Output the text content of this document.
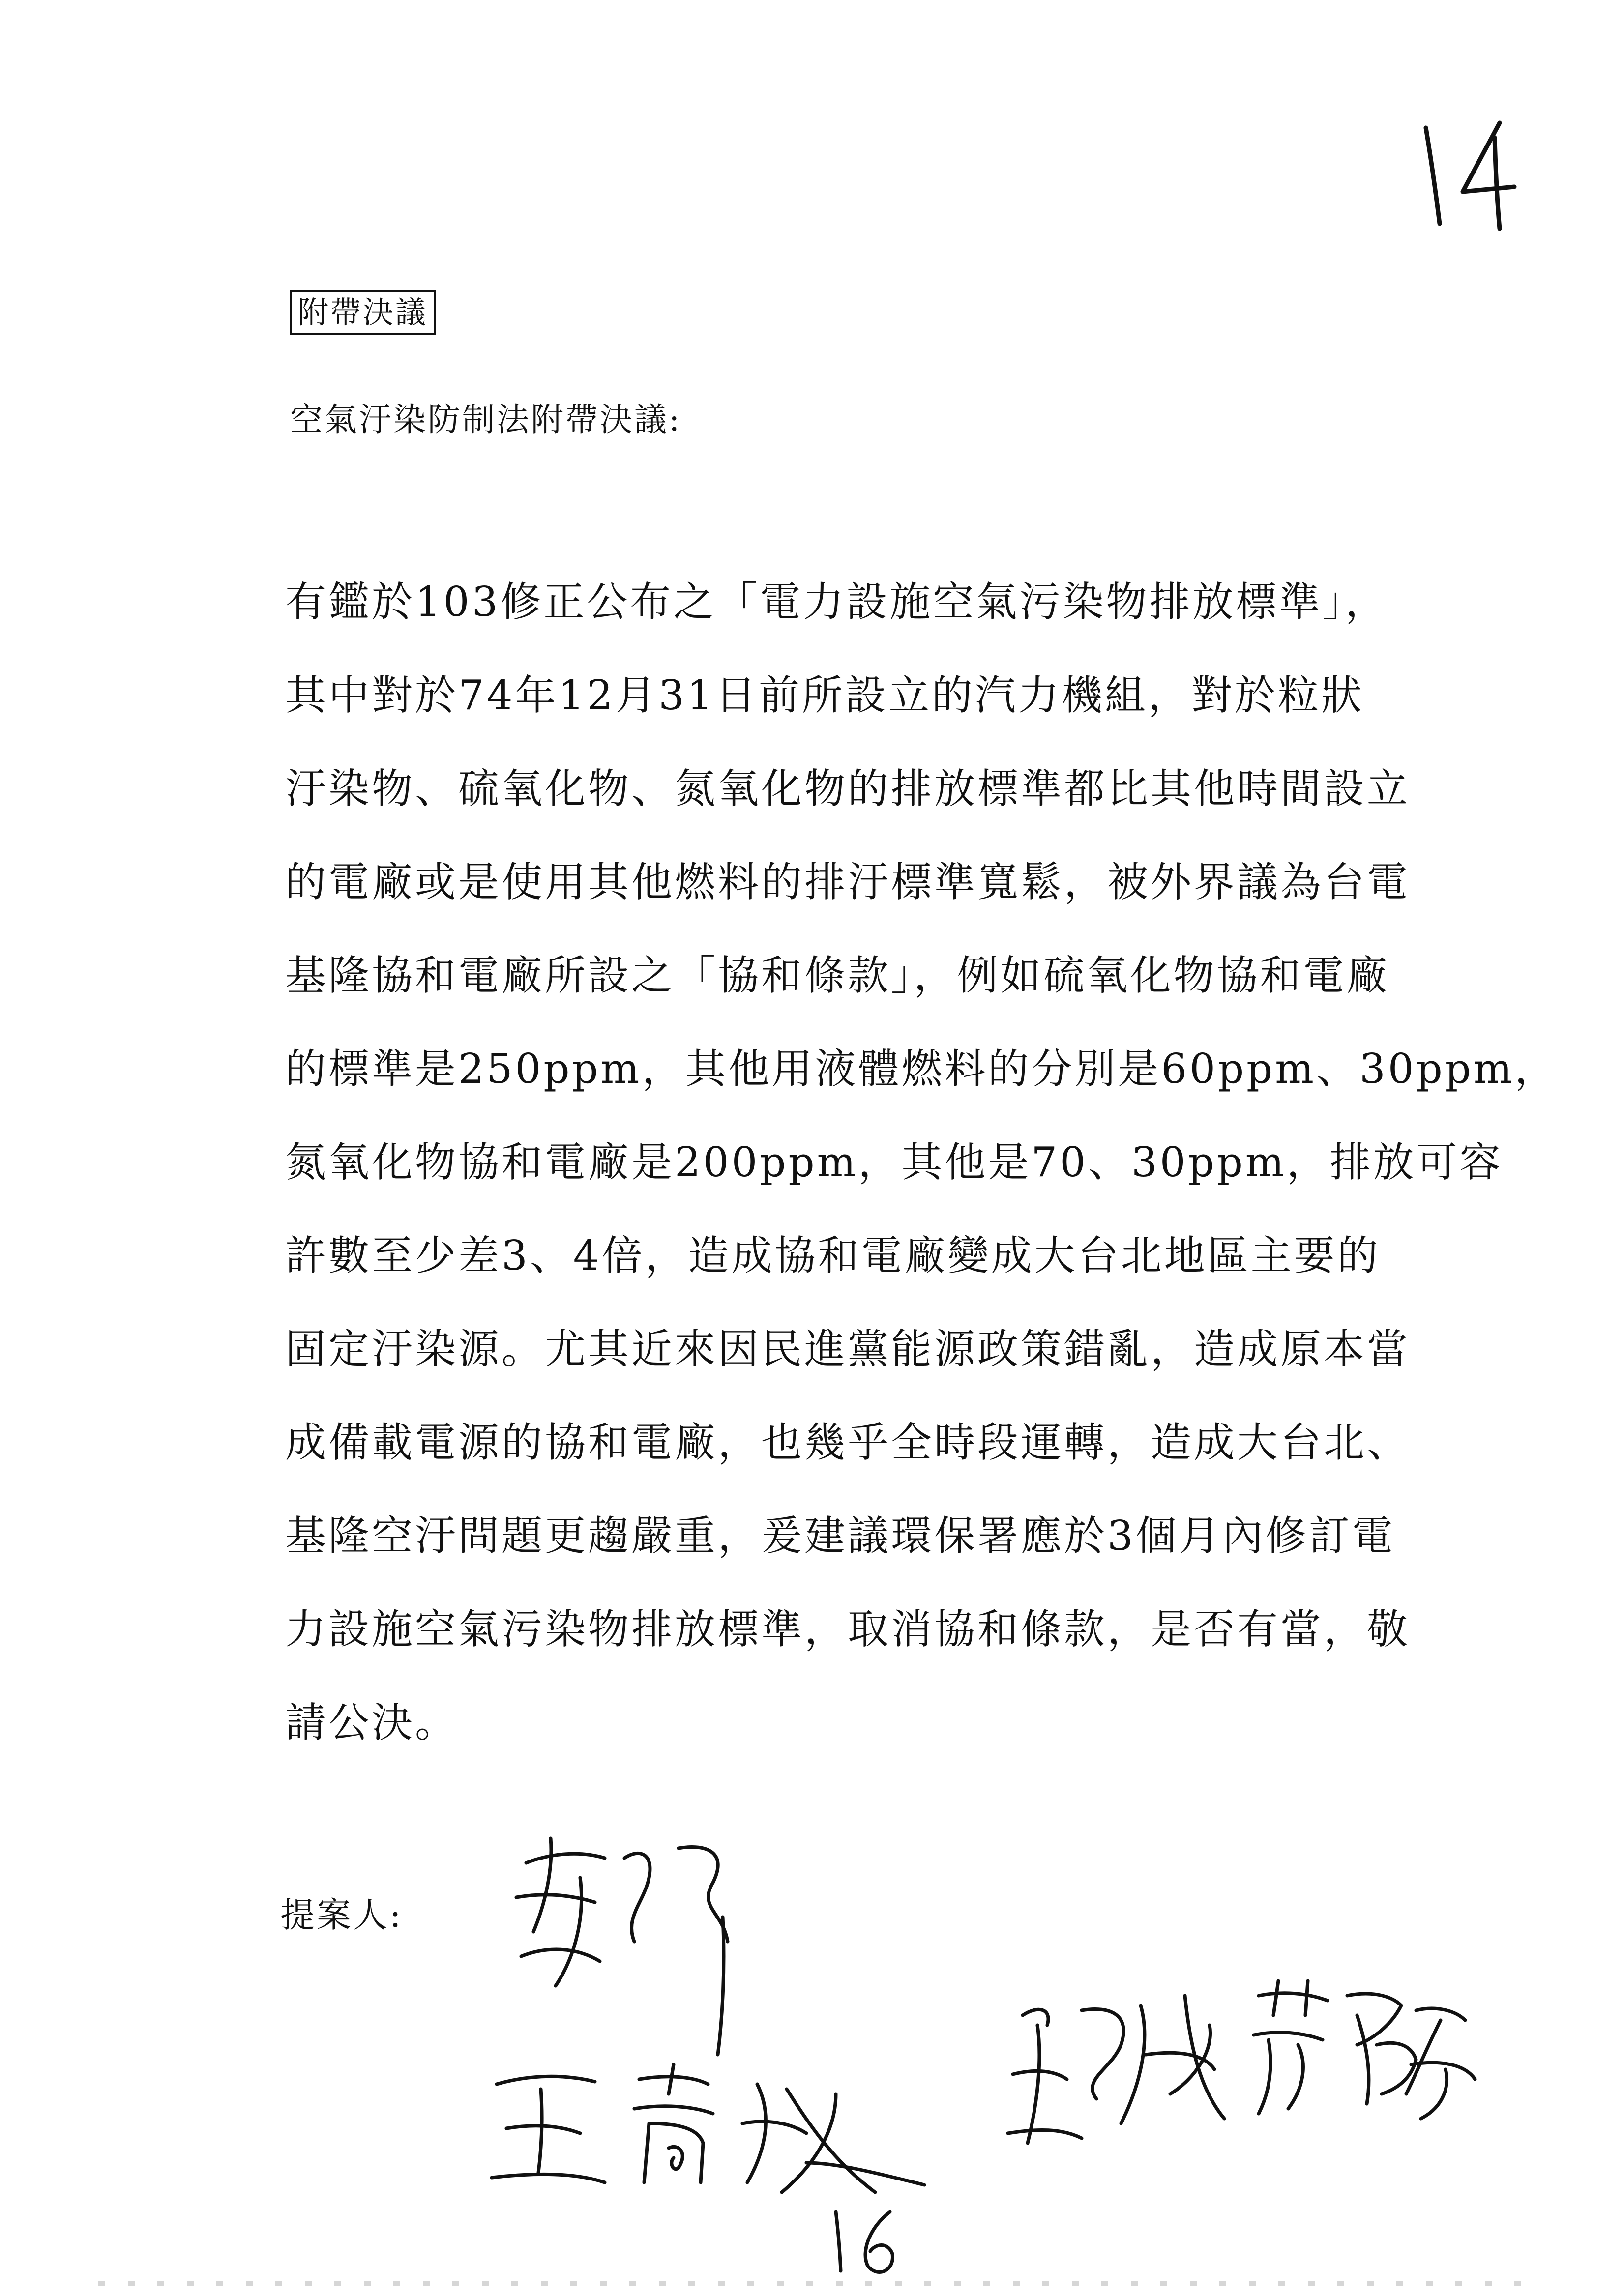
附帶決議
空氣汙染防制法附帶決議:
有鑑於103修正公布之「電力設施空氣污染物排放標準」，
其中對於74年12月31日前所設立的汽力機組，對於粒狀
汙染物、硫氧化物、氮氧化物的排放標準都比其他時間設立
的電廠或是使用其他燃料的排汙標準寬鬆，被外界議為台電
基隆協和電廠所設之「協和條款」，例如硫氧化物協和電廠
的標準是250ppm，其他用液體燃料的分別是60ppm、30ppm，
氮氧化物協和電廠是200ppm，其他是70、30ppm，排放可容
許數至少差3、4倍，造成協和電廠變成大台北地區主要的
固定汙染源。尤其近來因民進黨能源政策錯亂，造成原本當
成備載電源的協和電廠，也幾乎全時段運轉，造成大台北、
基隆空汙問題更趨嚴重，爰建議環保署應於3個月內修訂電
力設施空氣污染物排放標準，取消協和條款，是否有當，敬
請公決。
提案人:
